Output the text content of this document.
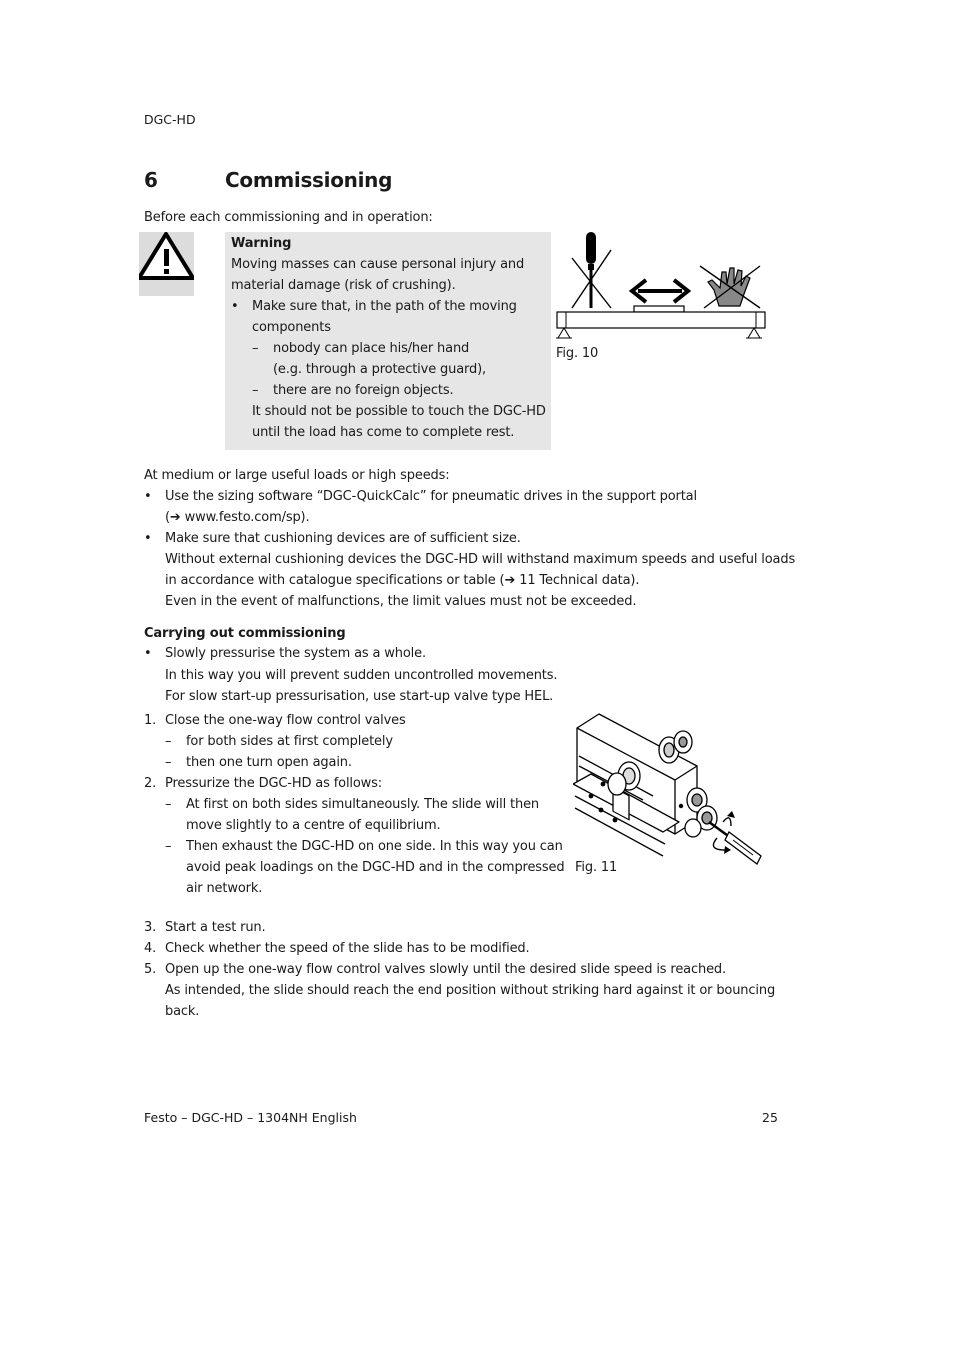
DGC-HD
6	Commissioning
Before each commissioning and in operation:
Warning
Moving masses can cause personal injury and
material damage (risk of crushing).
• Make sure that, in the path of the moving
components
– nobody can place his/her hand
(e.g. through a protective guard),
– there are no foreign objects.
It should not be possible to touch the DGC-HD
until the load has come to complete rest.
Fig. 10
At medium or large useful loads or high speeds:
• Use the sizing software “DGC-QuickCalc” for pneumatic drives in the support portal
(➔ www.festo.com/sp).
• Make sure that cushioning devices are of sufficient size.
Without external cushioning devices the DGC-HD will withstand maximum speeds and useful loads
in accordance with catalogue specifications or table (➔ 11 Technical data).
Even in the event of malfunctions, the limit values must not be exceeded.
Carrying out commissioning
• Slowly pressurise the system as a whole.
In this way you will prevent sudden uncontrolled movements.
For slow start-up pressurisation, use start-up valve type HEL.
1. Close the one-way flow control valves
– for both sides at first completely
– then one turn open again.
2. Pressurize the DGC-HD as follows:
– At first on both sides simultaneously. The slide will then
move slightly to a centre of equilibrium.
– Then exhaust the DGC-HD on one side. In this way you can
avoid peak loadings on the DGC-HD and in the compressed
air network.
Fig. 11
3. Start a test run.
4. Check whether the speed of the slide has to be modified.
5. Open up the one-way flow control valves slowly until the desired slide speed is reached.
As intended, the slide should reach the end position without striking hard against it or bouncing
back.
Festo – DGC-HD – 1304NH English	25
